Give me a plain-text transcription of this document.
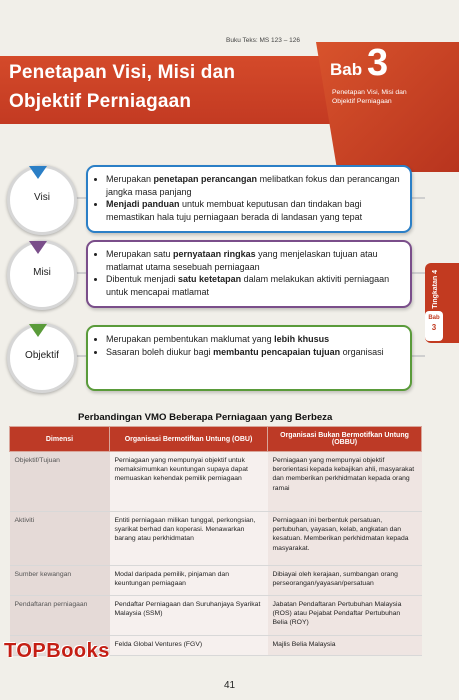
Buku Teks: MS 123 – 126
Penetapan Visi, Misi dan
Objektif Perniagaan
Bab 3
Penetapan Visi, Misi dan Objektif Perniagaan
Visi
• Merupakan penetapan perancangan melibatkan fokus dan perancangan jangka masa panjang
• Menjadi panduan untuk membuat keputusan dan tindakan bagi memastikan hala tuju perniagaan berada di landasan yang tepat
Misi
• Merupakan satu pernyataan ringkas yang menjelaskan tujuan atau matlamat utama sesebuah perniagaan
• Dibentuk menjadi satu ketetapan dalam melakukan aktiviti perniagaan untuk mencapai matlamat
Objektif
• Merupakan pembentukan maklumat yang lebih khusus
• Sasaran boleh diukur bagi membantu pencapaian tujuan organisasi
Tingkatan 4
Bab
3
Perbandingan VMO Beberapa Perniagaan yang Berbeza
Dimensi	Organisasi Bermotifkan Untung (OBU)	Organisasi Bukan Bermotifkan Untung (OBBU)
Objektif/Tujuan	Perniagaan yang mempunyai objektif untuk memaksimumkan keuntungan supaya dapat memuaskan kehendak pemilik perniagaan	Perniagaan yang mempunyai objektif berorientasi kepada kebajikan ahli, masyarakat dan memberikan perkhidmatan kepada orang ramai
Aktiviti	Entiti perniagaan milikan tunggal, perkongsian, syarikat berhad dan koperasi. Menawarkan barang atau perkhidmatan	Perniagaan ini berbentuk persatuan, pertubuhan, yayasan, kelab, angkatan dan kesatuan. Memberikan perkhidmatan kepada masyarakat.
Sumber kewangan	Modal daripada pemilik, pinjaman dan keuntungan perniagaan	Dibiayai oleh kerajaan, sumbangan orang perseorangan/yayasan/persatuan
Pendaftaran perniagaan	Pendaftar Perniagaan dan Suruhanjaya Syarikat Malaysia (SSM)	Jabatan Pendaftaran Pertubuhan Malaysia (ROS) atau Pejabat Pendaftar Pertubuhan Belia (ROY)
	Felda Global Ventures (FGV)	Majlis Belia Malaysia
TOPBooks
41
